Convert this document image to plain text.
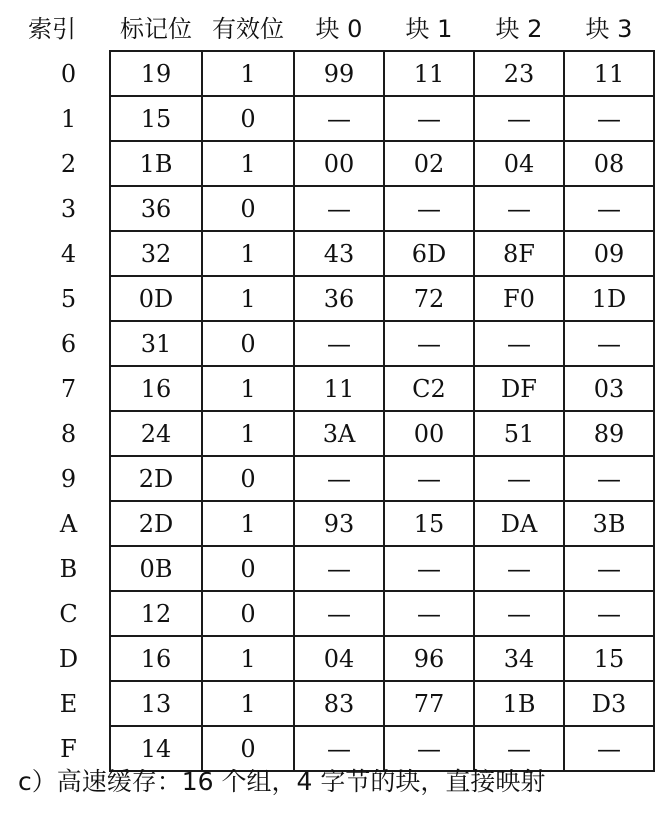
索引	标记位	有效位	块 0	块 1	块 2	块 3
0	19	1	99	11	23	11
1	15	0	—	—	—	—
2	1B	1	00	02	04	08
3	36	0	—	—	—	—
4	32	1	43	6D	8F	09
5	0D	1	36	72	F0	1D
6	31	0	—	—	—	—
7	16	1	11	C2	DF	03
8	24	1	3A	00	51	89
9	2D	0	—	—	—	—
A	2D	1	93	15	DA	3B
B	0B	0	—	—	—	—
C	12	0	—	—	—	—
D	16	1	04	96	34	15
E	13	1	83	77	1B	D3
F	14	0	—	—	—	—
c）高速缓存：16 个组，4 字节的块，直接映射
